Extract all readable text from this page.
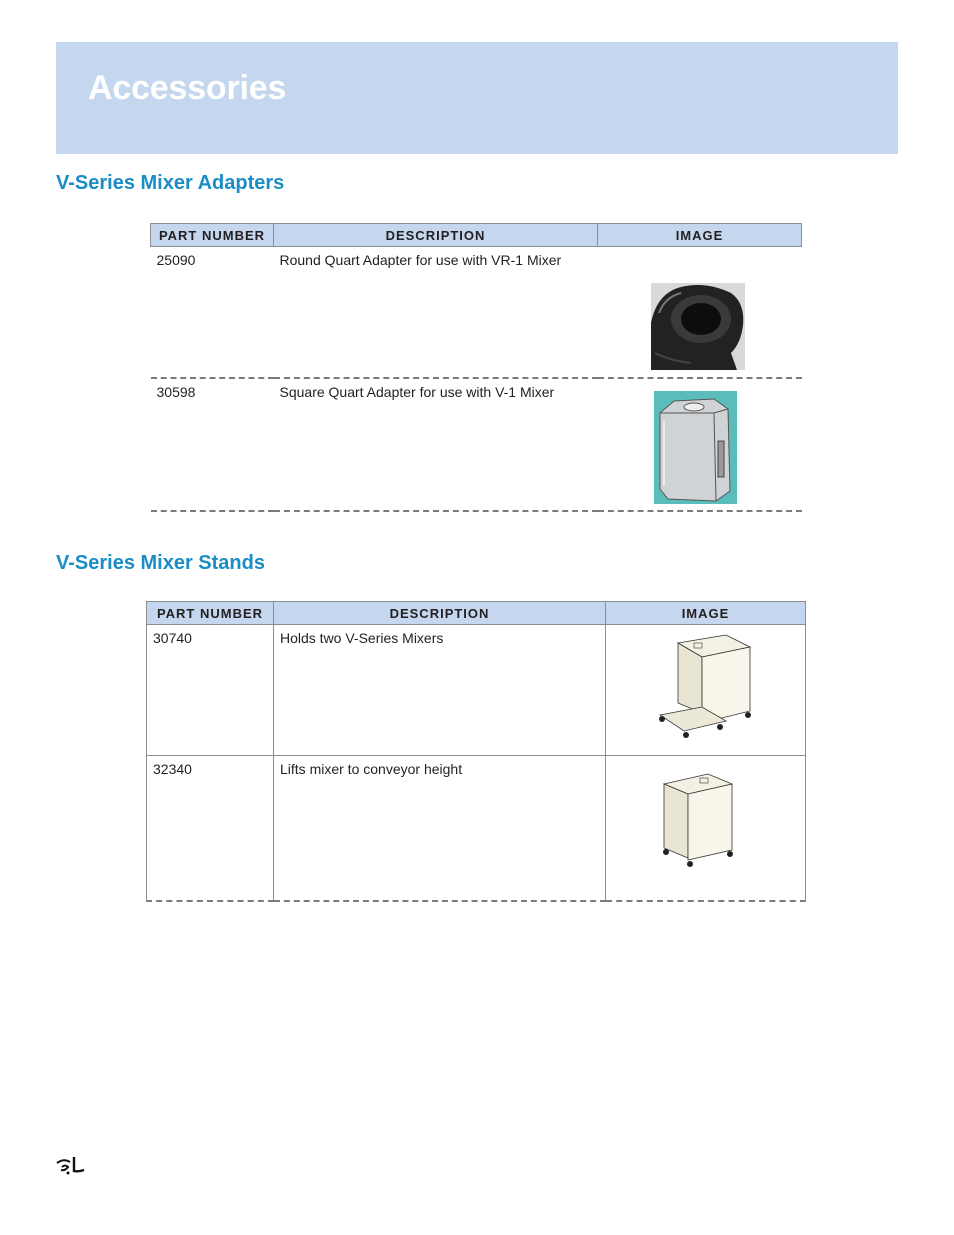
Accessories
V-Series Mixer Adapters
PART NUMBER	DESCRIPTION	IMAGE

25090	Round Quart Adapter for use with VR-1 Mixer

30598	Square Quart Adapter for use with V-1 Mixer

V-Series Mixer Stands
PART NUMBER	DESCRIPTION	IMAGE

30740	Holds two V-Series Mixers

32340	Lifts mixer to conveyor height
